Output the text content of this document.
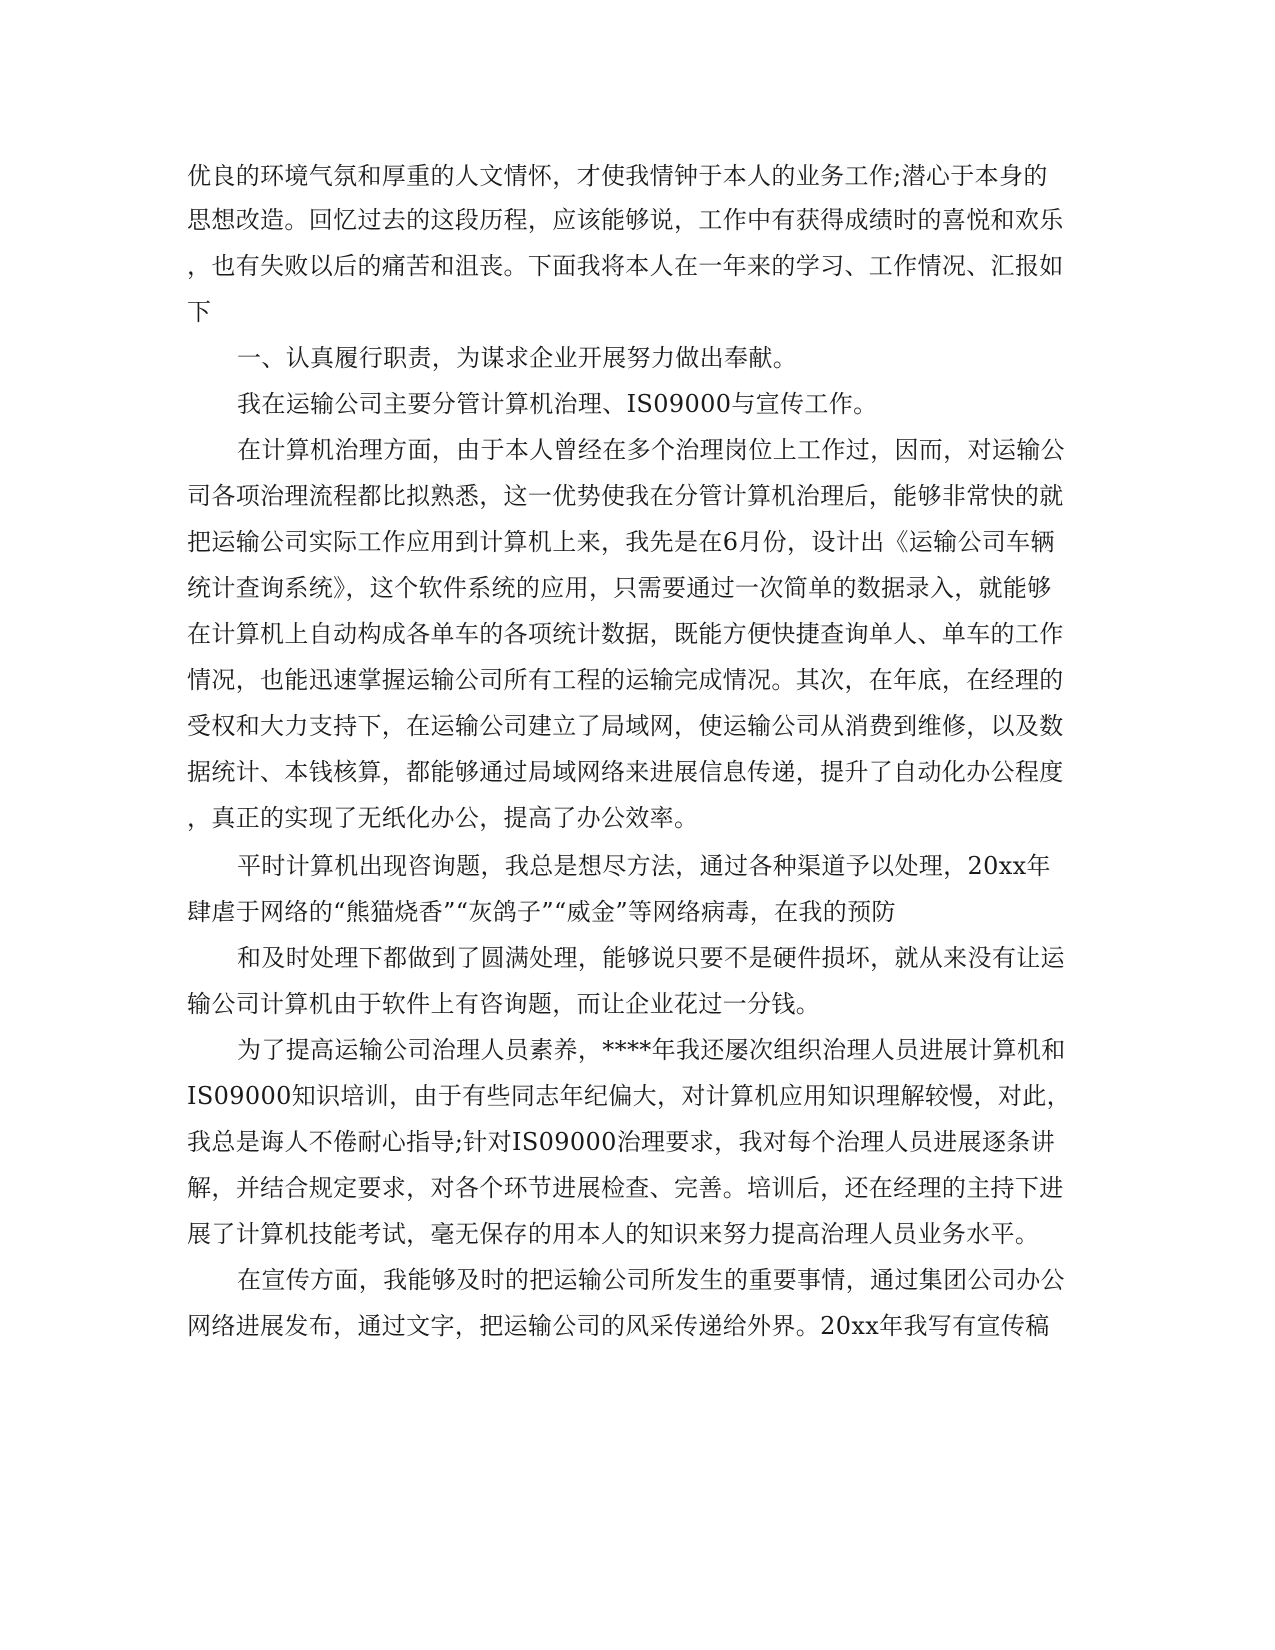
优良的环境气氛和厚重的人文情怀，才使我情钟于本人的业务工作;潜心于本身的
思想改造。回忆过去的这段历程，应该能够说，工作中有获得成绩时的喜悦和欢乐
，也有失败以后的痛苦和沮丧。下面我将本人在一年来的学习、工作情况、汇报如
下
一、认真履行职责，为谋求企业开展努力做出奉献。
我在运输公司主要分管计算机治理、IS09000与宣传工作。
在计算机治理方面，由于本人曾经在多个治理岗位上工作过，因而，对运输公
司各项治理流程都比拟熟悉，这一优势使我在分管计算机治理后，能够非常快的就
把运输公司实际工作应用到计算机上来，我先是在6月份，设计出《运输公司车辆
统计查询系统》，这个软件系统的应用，只需要通过一次简单的数据录入，就能够
在计算机上自动构成各单车的各项统计数据，既能方便快捷查询单人、单车的工作
情况，也能迅速掌握运输公司所有工程的运输完成情况。其次，在年底，在经理的
受权和大力支持下，在运输公司建立了局域网，使运输公司从消费到维修，以及数
据统计、本钱核算，都能够通过局域网络来进展信息传递，提升了自动化办公程度
，真正的实现了无纸化办公，提高了办公效率。
平时计算机出现咨询题，我总是想尽方法，通过各种渠道予以处理，20xx年
肆虐于网络的“熊猫烧香”“灰鸽子”“威金”等网络病毒，在我的预防
和及时处理下都做到了圆满处理，能够说只要不是硬件损坏，就从来没有让运
输公司计算机由于软件上有咨询题，而让企业花过一分钱。
为了提高运输公司治理人员素养，****年我还屡次组织治理人员进展计算机和
IS09000知识培训，由于有些同志年纪偏大，对计算机应用知识理解较慢，对此，
我总是诲人不倦耐心指导;针对IS09000治理要求，我对每个治理人员进展逐条讲
解，并结合规定要求，对各个环节进展检查、完善。培训后，还在经理的主持下进
展了计算机技能考试，毫无保存的用本人的知识来努力提高治理人员业务水平。
在宣传方面，我能够及时的把运输公司所发生的重要事情，通过集团公司办公
网络进展发布，通过文字，把运输公司的风采传递给外界。20xx年我写有宣传稿
